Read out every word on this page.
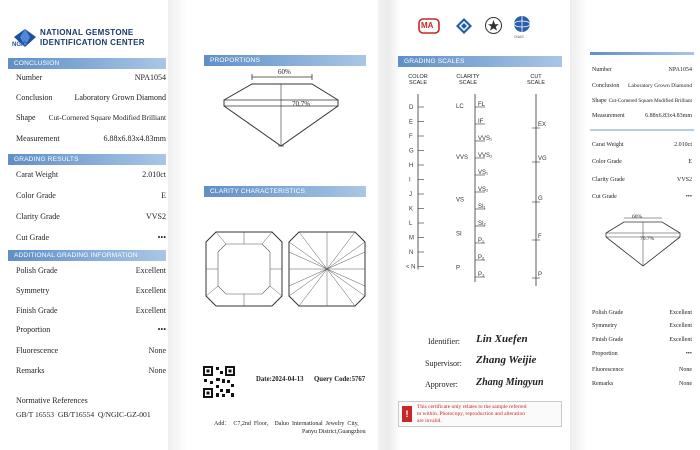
NGIC
NATIONAL GEMSTONE
IDENTIFICATION CENTER
CONCLUSION
Number	NPA1054
Conclusion	Laboratory Grown Diamond
Shape Cut-Cornered Square Modified Brilliant
Measurement	6.88x6.83x4.83mm
GRADING RESULTS
Carat Weight	2.010ct
Color Grade	E
Clarity Grade	VVS2
Cut Grade	•••
ADDITIONAL GRADING INFORMATION
Polish Grade	Excellent
Symmetry	Excellent
Finish Grade	Excellent
Proportion	•••
Fluorescence	None
Remarks	None
Normative References
GB/T 16553  GB/T16554  Q/NGIC-GZ-001
PROPORTIONS
60%
70.7%
CLARITY CHARACTERISTICS
Date:2024-04-13 Query Code:5767
Add：  C7,2nd  Floor， Daluo  International  Jewelry  City,
Panyu District,Guangzhou
MA
CNAS
GRADING SCALES
COLOR
SCALE
CLARITY
SCALE
CUT
SCALE
D
E
F
G
H
I
J
K
L
M
N
< N
FL
IF
VVS₁
VVS₂
VS₁
VS₂
SI₁
SI₂
P₁
P₂
P₃
LC
VVS
VS
SI
P
EX
VG
G
F
P
Identifier: Lin Xuefen
Supervisor: Zhang Weijie
Approver: Zhang Mingyun
!
This certificate only relates to the sample referred
to within. Photocopy, reproduction and alteration
are invalid.
Number	NPA1054
Conclusion Laboratory Grown Diamond
Shape Cut-Cornered Square Modified Brilliant
Measurement	6.88x6.83x4.83mm
Carat Weight	2.010ct
Color Grade	E
Clarity Grade	VVS2
Cut Grade	•••
60%
70.7%
Polish Grade	Excellent
Symmetry	Excellent
Finish Grade	Excellent
Proportion	•••
Fluorescence	None
Remarks	None
